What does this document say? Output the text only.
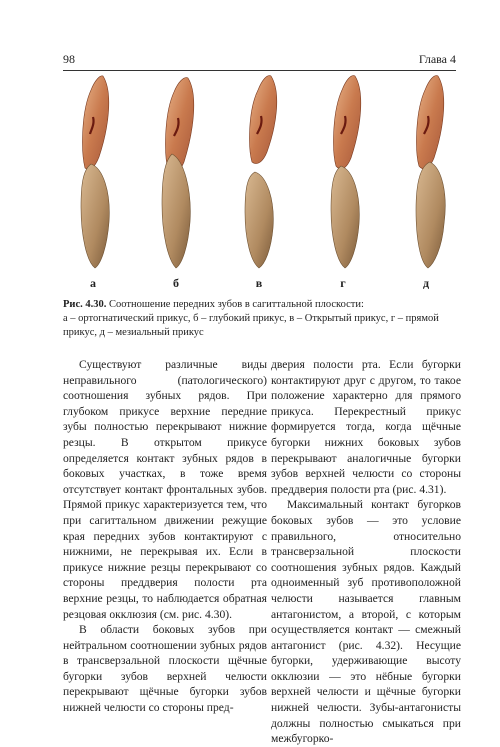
98	Глава 4
а	б	в	г	д
Рис. 4.30. Соотношение передних зубов в сагиттальной плоскости:
а – ортогнатический прикус, б – глубокий прикус, в – Открытый прикус, г – прямой прикус, д – мезиальный прикус

Существуют различные виды неправильного (патологического) соотношения зубных рядов. При глубоком прикусе верхние передние зубы полностью перекрывают нижние резцы. В открытом прикусе определяется контакт зубных рядов в боковых участках, в тоже время отсутствует контакт фронтальных зубов. Прямой прикус характеризуется тем, что при сагиттальном движении режущие края передних зубов контактируют с нижними, не перекрывая их. Если в прикусе нижние резцы перекрывают со стороны преддверия полости рта верхние резцы, то наблюдается обратная резцовая окклюзия (см. рис. 4.30).

В области боковых зубов при нейтральном соотношении зубных рядов в трансверзальной плоскости щёчные бугорки зубов верхней челюсти перекрывают щёчные бугорки зубов нижней челюсти со стороны пред-

дверия полости рта. Если бугорки контактируют друг с другом, то такое положение характерно для прямого прикуса. Перекрестный прикус формируется тогда, когда щёчные бугорки нижних боковых зубов перекрывают аналогичные бугорки зубов верхней челюсти со стороны преддверия полости рта (рис. 4.31).

Максимальный контакт бугорков боковых зубов — это условие правильного, относительно трансверзальной плоскости соотношения зубных рядов. Каждый одноименный зуб противоположной челюсти называется главным антагонистом, а второй, с которым осуществляется контакт — смежный антагонист (рис. 4.32). Несущие бугорки, удерживающие высоту окклюзии — это нёбные бугорки верхней челюсти и щёчные бугорки нижней челюсти. Зубы-антагонисты должны полностью смыкаться при межбугорко-
